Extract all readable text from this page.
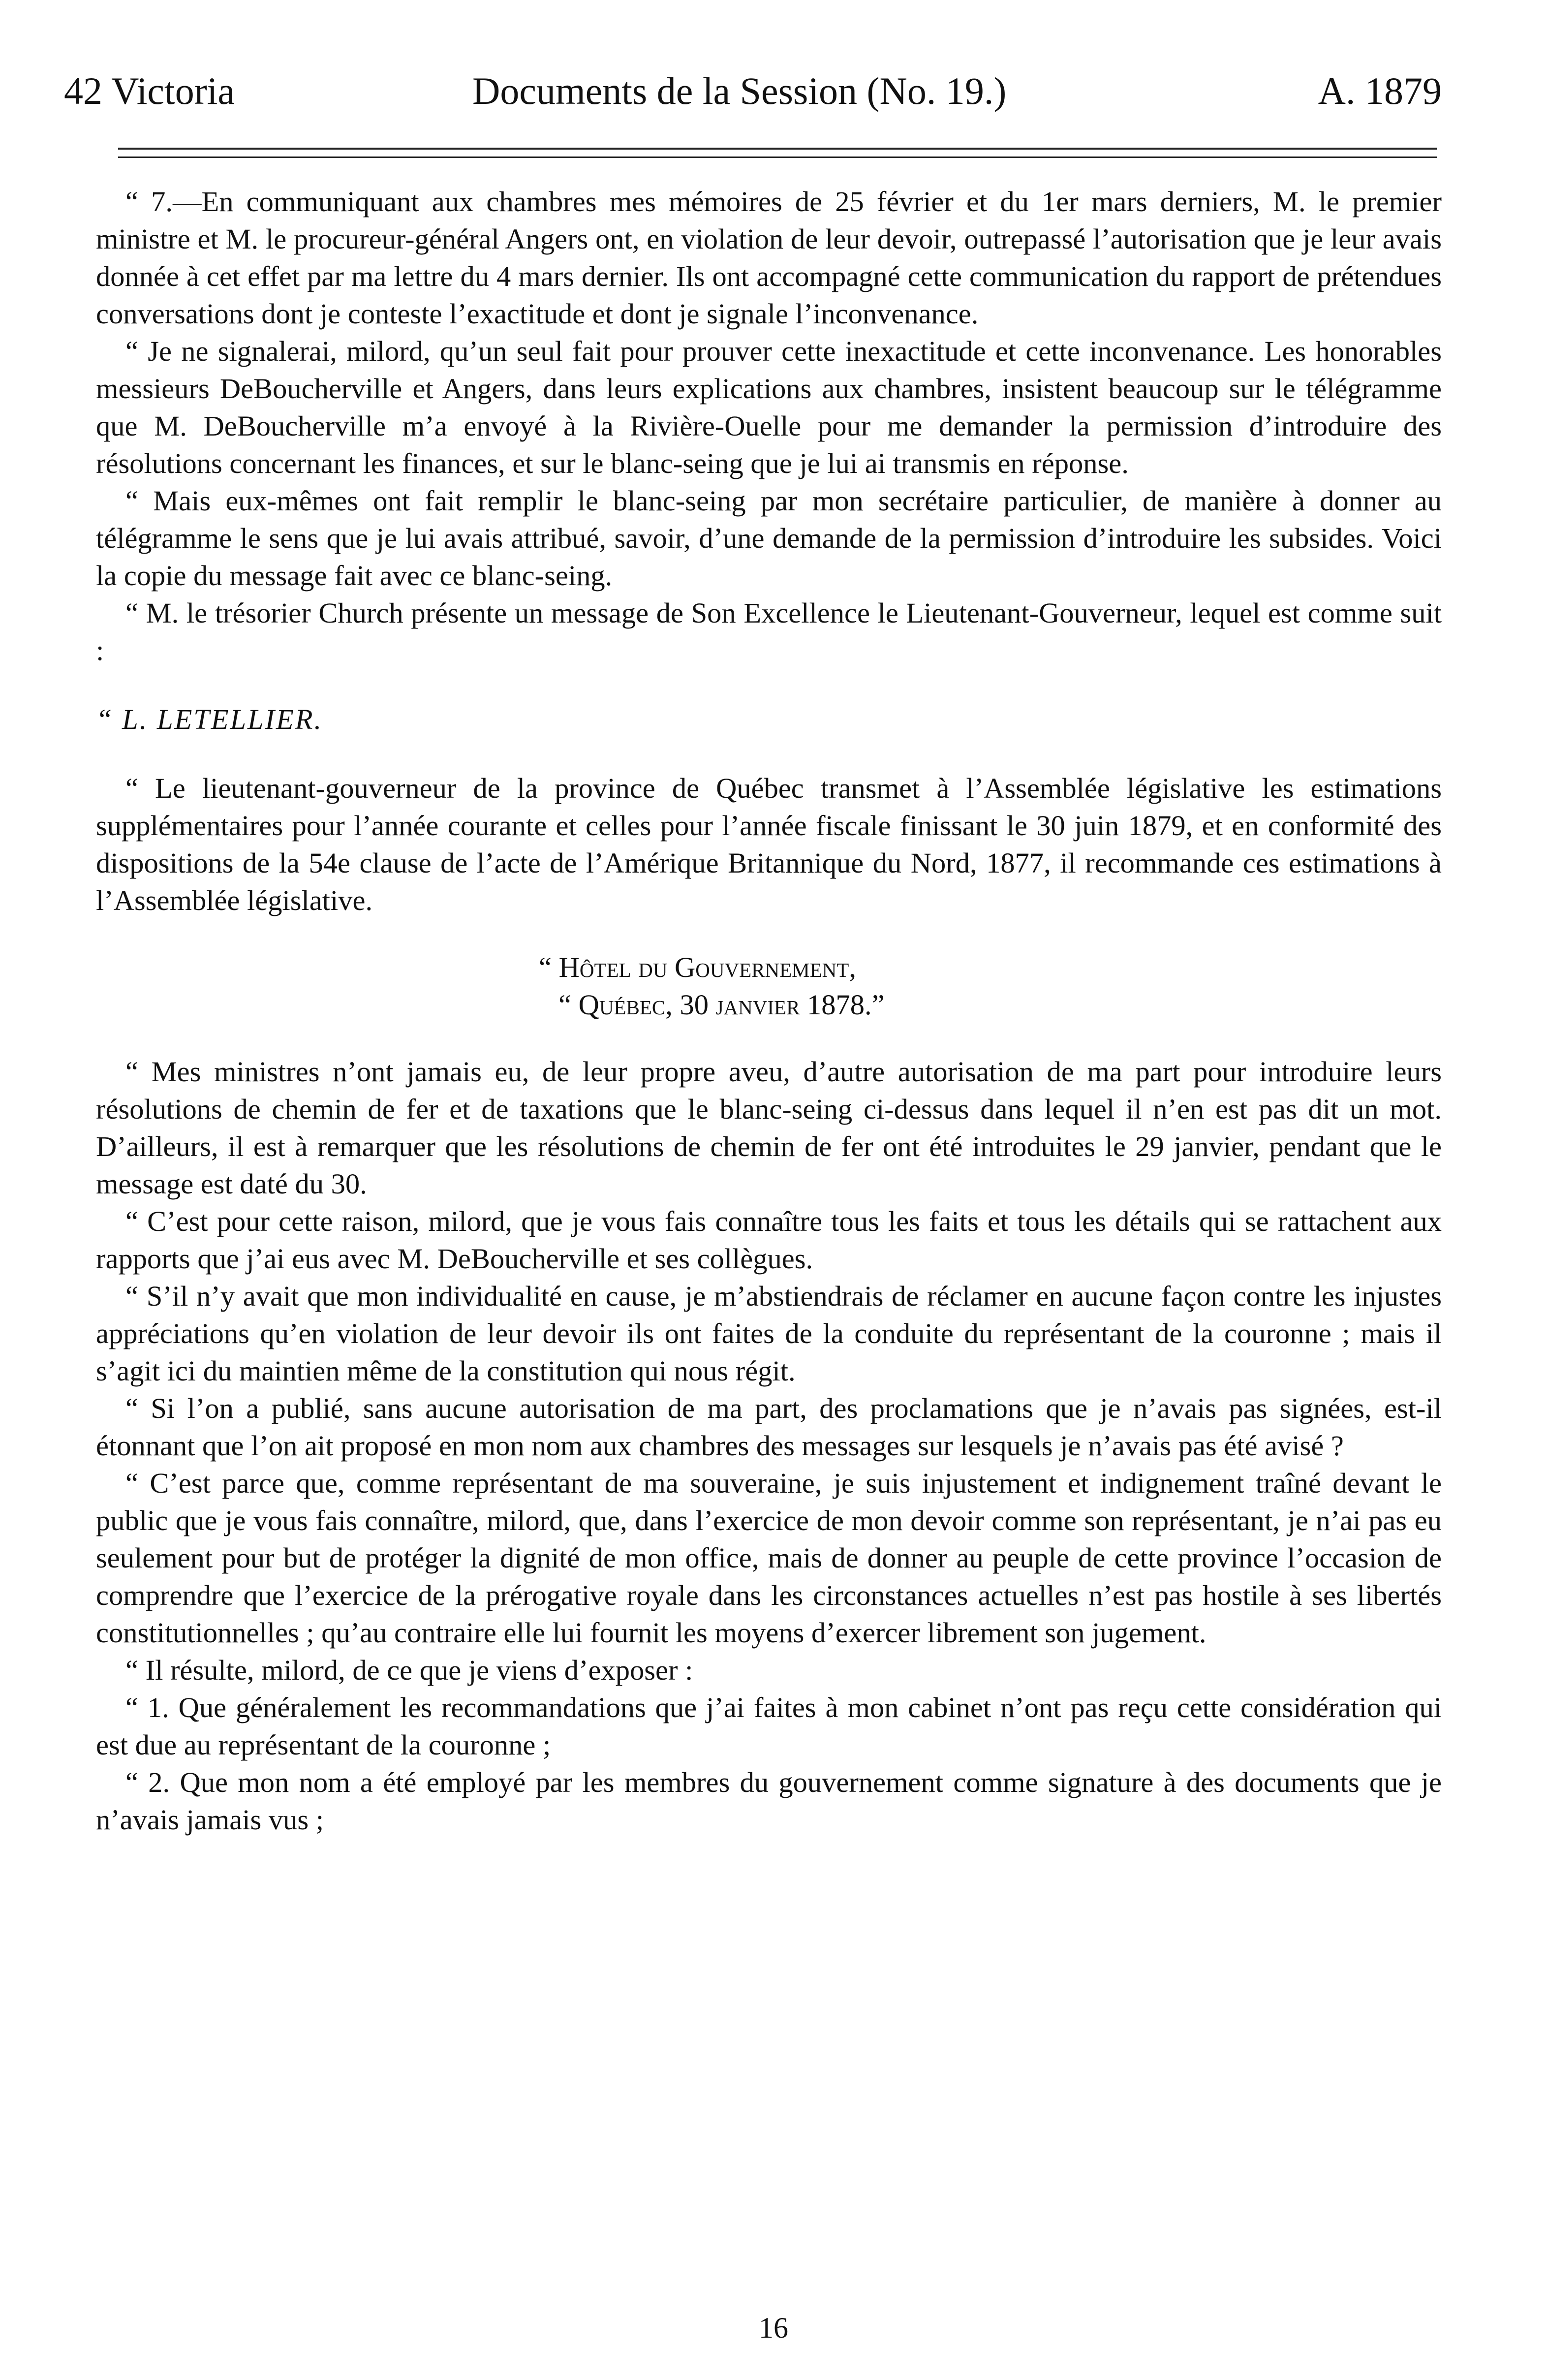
42 Victoria	Documents de la Session (No. 19.)	A. 1879

“ 7.—En communiquant aux chambres mes mémoires de 25 février et du 1er mars derniers, M. le premier ministre et M. le procureur-général Angers ont, en violation de leur devoir, outrepassé l’autorisation que je leur avais donnée à cet effet par ma lettre du 4 mars dernier. Ils ont accompagné cette communication du rapport de prétendues conversations dont je conteste l’exactitude et dont je signale l’inconvenance.

“ Je ne signalerai, milord, qu’un seul fait pour prouver cette inexactitude et cette inconvenance. Les honorables messieurs DeBoucherville et Angers, dans leurs explications aux chambres, insistent beaucoup sur le télégramme que M. DeBoucherville m’a envoyé à la Rivière-Ouelle pour me demander la permission d’introduire des résolutions concernant les finances, et sur le blanc-seing que je lui ai transmis en réponse.

“ Mais eux-mêmes ont fait remplir le blanc-seing par mon secrétaire particulier, de manière à donner au télégramme le sens que je lui avais attribué, savoir, d’une demande de la permission d’introduire les subsides. Voici la copie du message fait avec ce blanc-seing.

“ M. le trésorier Church présente un message de Son Excellence le Lieutenant-Gouverneur, lequel est comme suit :

“ L. LETELLIER.

“ Le lieutenant-gouverneur de la province de Québec transmet à l’Assemblée législative les estimations supplémentaires pour l’année courante et celles pour l’année fiscale finissant le 30 juin 1879, et en conformité des dispositions de la 54e clause de l’acte de l’Amérique Britannique du Nord, 1877, il recommande ces estimations à l’Assemblée législative.

“ Hôtel du Gouvernement,

“ Québec, 30 janvier 1878.”

“ Mes ministres n’ont jamais eu, de leur propre aveu, d’autre autorisation de ma part pour introduire leurs résolutions de chemin de fer et de taxations que le blanc-seing ci-dessus dans lequel il n’en est pas dit un mot. D’ailleurs, il est à remarquer que les résolutions de chemin de fer ont été introduites le 29 janvier, pendant que le message est daté du 30.

“ C’est pour cette raison, milord, que je vous fais connaître tous les faits et tous les détails qui se rattachent aux rapports que j’ai eus avec M. DeBoucherville et ses collègues.

“ S’il n’y avait que mon individualité en cause, je m’abstiendrais de réclamer en aucune façon contre les injustes appréciations qu’en violation de leur devoir ils ont faites de la conduite du représentant de la couronne ; mais il s’agit ici du maintien même de la constitution qui nous régit.

“ Si l’on a publié, sans aucune autorisation de ma part, des proclamations que je n’avais pas signées, est-il étonnant que l’on ait proposé en mon nom aux chambres des messages sur lesquels je n’avais pas été avisé ?

“ C’est parce que, comme représentant de ma souveraine, je suis injustement et indignement traîné devant le public que je vous fais connaître, milord, que, dans l’exercice de mon devoir comme son représentant, je n’ai pas eu seulement pour but de protéger la dignité de mon office, mais de donner au peuple de cette province l’occasion de comprendre que l’exercice de la prérogative royale dans les circonstances actuelles n’est pas hostile à ses libertés constitutionnelles ; qu’au contraire elle lui fournit les moyens d’exercer librement son jugement.

“ Il résulte, milord, de ce que je viens d’exposer :

“ 1. Que généralement les recommandations que j’ai faites à mon cabinet n’ont pas reçu cette considération qui est due au représentant de la couronne ;

“ 2. Que mon nom a été employé par les membres du gouvernement comme signature à des documents que je n’avais jamais vus ;

16
